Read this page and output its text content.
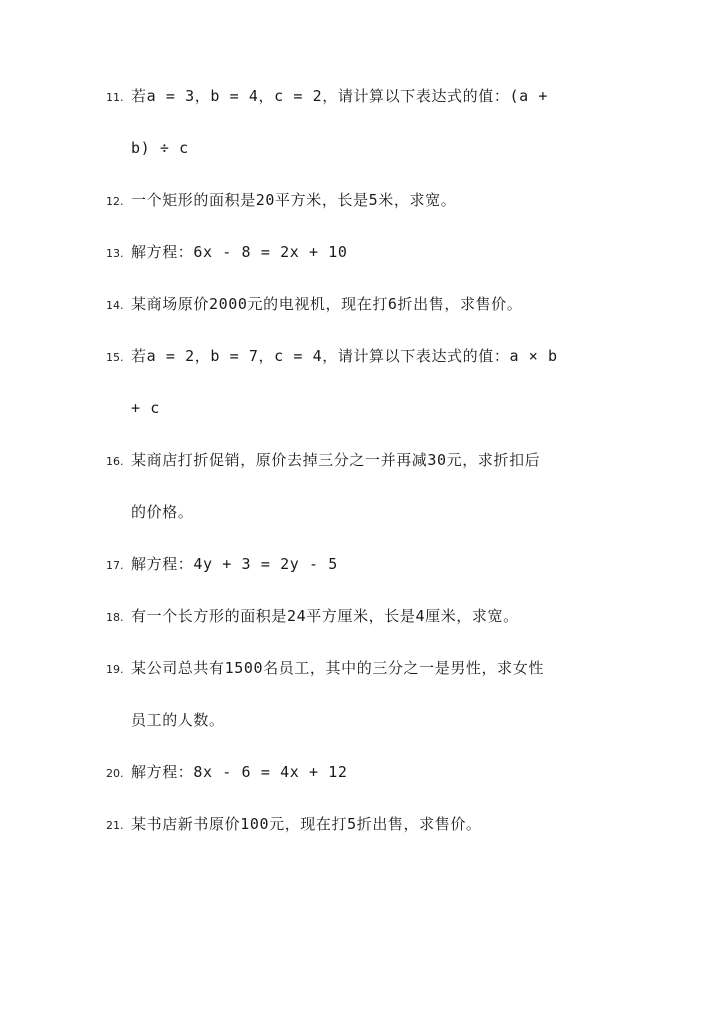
11. 若a = 3，b = 4，c = 2，请计算以下表达式的值：(a +
b) ÷ c
12. 一个矩形的面积是20平方米，长是5米，求宽。
13. 解方程：6x - 8 = 2x + 10
14. 某商场原价2000元的电视机，现在打6折出售，求售价。
15. 若a = 2，b = 7，c = 4，请计算以下表达式的值：a × b
+ c
16. 某商店打折促销，原价去掉三分之一并再减30元，求折扣后
的价格。
17. 解方程：4y + 3 = 2y - 5
18. 有一个长方形的面积是24平方厘米，长是4厘米，求宽。
19. 某公司总共有1500名员工，其中的三分之一是男性，求女性
员工的人数。
20. 解方程：8x - 6 = 4x + 12
21. 某书店新书原价100元，现在打5折出售，求售价。
